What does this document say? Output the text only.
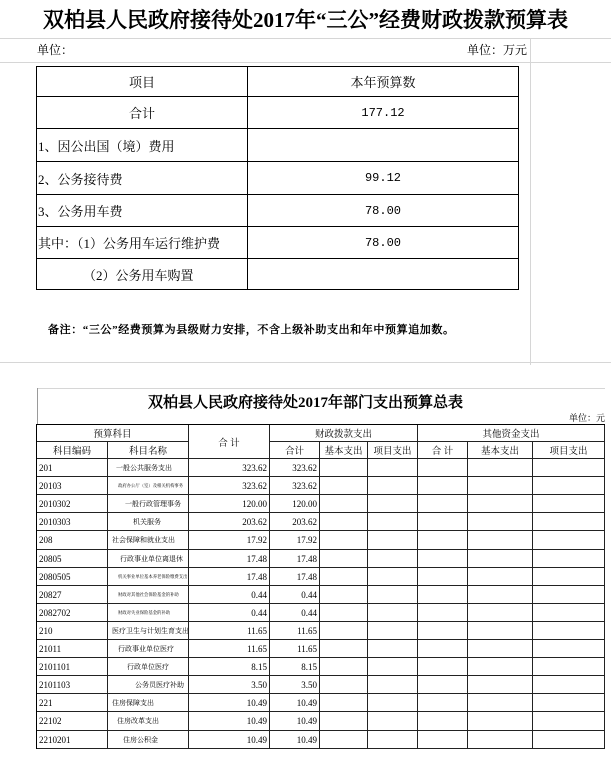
双柏县人民政府接待处2017年“三公”经费财政拨款预算表
单位：	单位：万元
项目	本年预算数
合计	177.12
1、因公出国（境）费用
2、公务接待费	99.12
3、公务用车费	78.00
其中：（1）公务用车运行维护费	78.00
（2）公务用车购置
备注：“三公”经费预算为县级财力安排，不含上级补助支出和年中预算追加数。
双柏县人民政府接待处2017年部门支出预算总表
单位：元
预算科目
合 计
财政拨款支出	其他资金支出
科目编码	科目名称	合计	基本支出	项目支出	合 计	基本支出	项目支出
201	一般公共服务支出	323.62	323.62
20103	政府办公厅（室）及相关机构事务	323.62	323.62
2010302	一般行政管理事务	120.00	120.00
2010303	机关服务	203.62	203.62
208	社会保障和就业支出	17.92	17.92
20805	行政事业单位离退休	17.48	17.48
2080505	机关事业单位基本养老保险缴费支出	17.48	17.48
20827	财政对其他社会保险基金的补助	0.44	0.44
2082702	财政对失业保险基金的补助	0.44	0.44
210	医疗卫生与计划生育支出	11.65	11.65
21011	行政事业单位医疗	11.65	11.65
2101101	行政单位医疗	8.15	8.15
2101103	公务员医疗补助	3.50	3.50
221	住房保障支出	10.49	10.49
22102	住房改革支出	10.49	10.49
2210201	住房公积金	10.49	10.49
